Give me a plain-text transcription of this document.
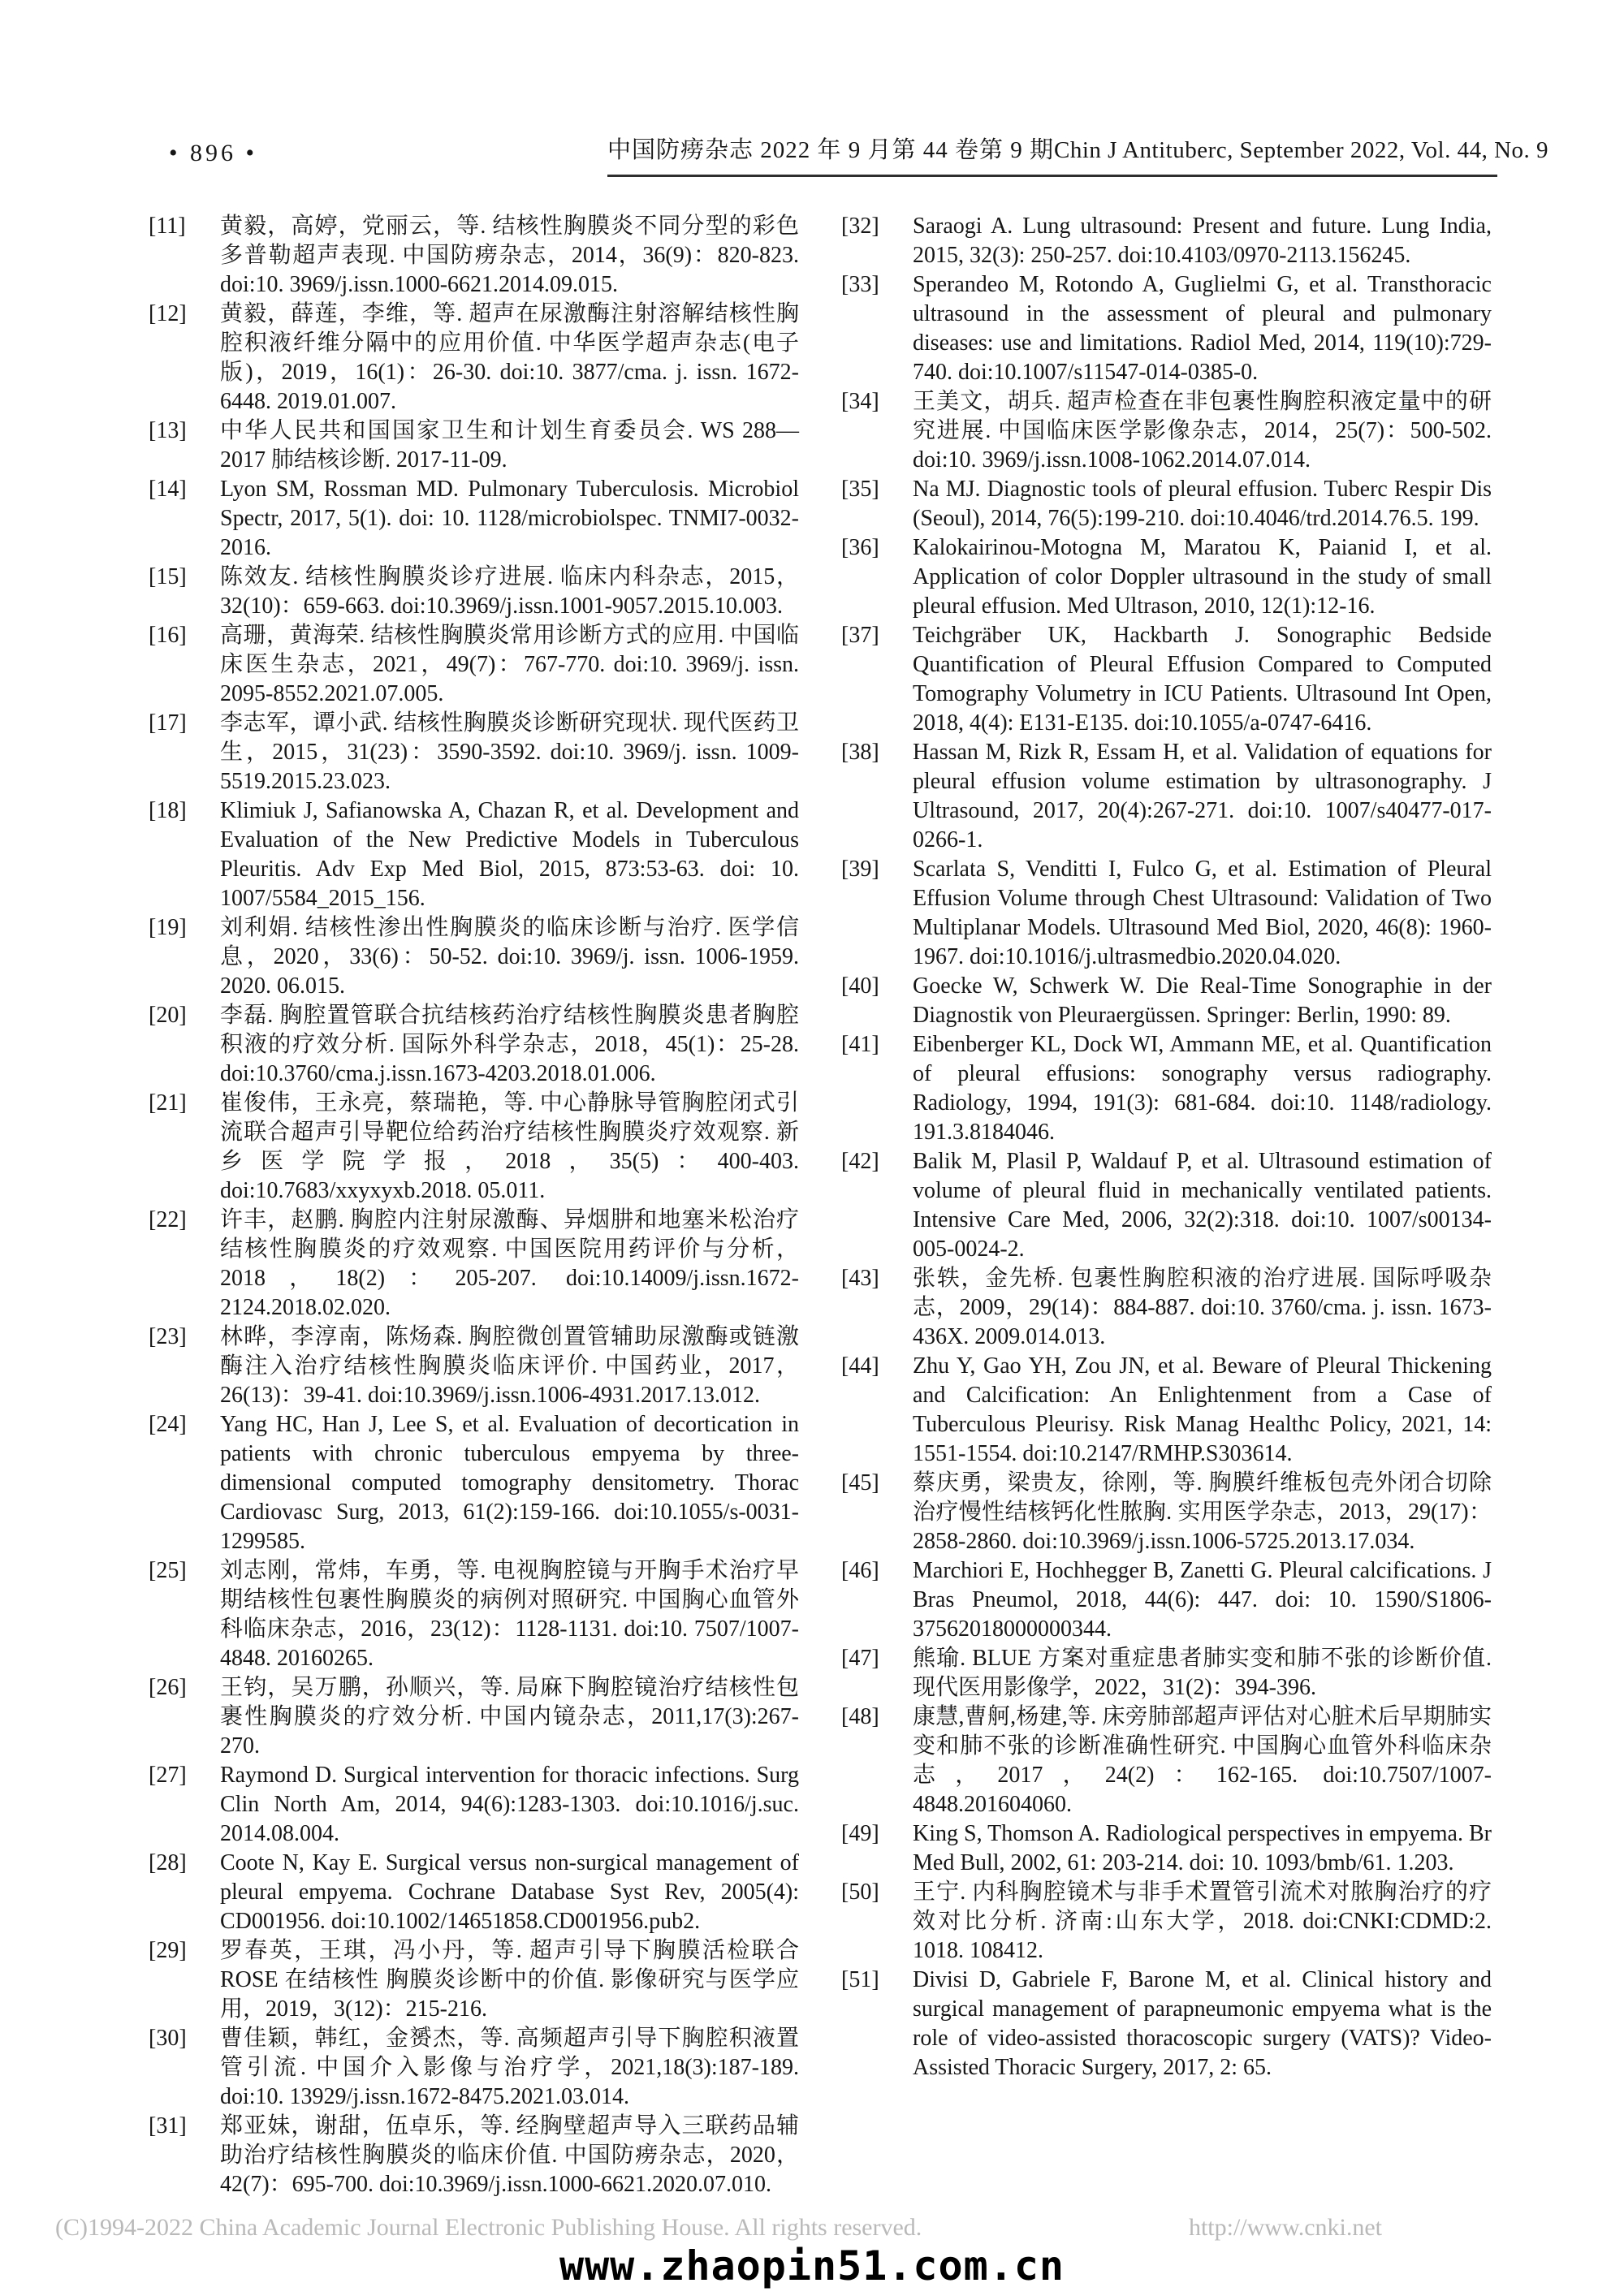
• 896 •	中国防痨杂志 2022 年 9 月第 44 卷第 9 期 Chin J Antituberc, September 2022, Vol. 44, No. 9
[11] 黄毅，高婷，党丽云，等. 结核性胸膜炎不同分型的彩色多普勒超声表现. 中国防痨杂志，2014，36(9)：820-823. doi:10. 3969/j.issn.1000-6621.2014.09.015.
[12] 黄毅，薛莲，李维，等. 超声在尿激酶注射溶解结核性胸腔积液纤维分隔中的应用价值. 中华医学超声杂志(电子版)，2019，16(1)：26-30. doi:10. 3877/cma. j. issn. 1672-6448. 2019.01.007.
[13] 中华人民共和国国家卫生和计划生育委员会. WS 288—2017 肺结核诊断. 2017-11-09.
[14] Lyon SM, Rossman MD. Pulmonary Tuberculosis. Microbiol Spectr, 2017, 5(1). doi: 10. 1128/microbiolspec. TNMI7-0032-2016.
[15] 陈效友. 结核性胸膜炎诊疗进展. 临床内科杂志，2015，32(10)：659-663. doi:10.3969/j.issn.1001-9057.2015.10.003.
[16] 高珊，黄海荣. 结核性胸膜炎常用诊断方式的应用. 中国临床医生杂志，2021，49(7)：767-770. doi:10. 3969/j. issn. 2095-8552.2021.07.005.
[17] 李志军，谭小武. 结核性胸膜炎诊断研究现状. 现代医药卫生，2015，31(23)：3590-3592. doi:10. 3969/j. issn. 1009-5519.2015.23.023.
[18] Klimiuk J, Safianowska A, Chazan R, et al. Development and Evaluation of the New Predictive Models in Tuberculous Pleuritis. Adv Exp Med Biol, 2015, 873:53-63. doi: 10. 1007/5584_2015_156.
[19] 刘利娟. 结核性渗出性胸膜炎的临床诊断与治疗. 医学信息，2020，33(6)：50-52. doi:10. 3969/j. issn. 1006-1959. 2020. 06.015.
[20] 李磊. 胸腔置管联合抗结核药治疗结核性胸膜炎患者胸腔积液的疗效分析. 国际外科学杂志，2018，45(1)：25-28. doi:10.3760/cma.j.issn.1673-4203.2018.01.006.
[21] 崔俊伟，王永亮，蔡瑞艳，等. 中心静脉导管胸腔闭式引流联合超声引导靶位给药治疗结核性胸膜炎疗效观察. 新乡医学院学报，2018，35(5)：400-403. doi:10.7683/xxyxyxb.2018. 05.011.
[22] 许丰，赵鹏. 胸腔内注射尿激酶、异烟肼和地塞米松治疗结核性胸膜炎的疗效观察. 中国医院用药评价与分析，2018，18(2)：205-207. doi:10.14009/j.issn.1672-2124.2018.02.020.
[23] 林晔，李淳南，陈炀森. 胸腔微创置管辅助尿激酶或链激酶注入治疗结核性胸膜炎临床评价. 中国药业，2017，26(13)：39-41. doi:10.3969/j.issn.1006-4931.2017.13.012.
[24] Yang HC, Han J, Lee S, et al. Evaluation of decortication in patients with chronic tuberculous empyema by three-dimensional computed tomography densitometry. Thorac Cardiovasc Surg, 2013, 61(2):159-166. doi:10.1055/s-0031-1299585.
[25] 刘志刚，常炜，车勇，等. 电视胸腔镜与开胸手术治疗早期结核性包裹性胸膜炎的病例对照研究. 中国胸心血管外科临床杂志，2016，23(12)：1128-1131. doi:10. 7507/1007-4848. 20160265.
[26] 王钧，吴万鹏，孙顺兴，等. 局麻下胸腔镜治疗结核性包裹性胸膜炎的疗效分析. 中国内镜杂志，2011,17(3):267-270.
[27] Raymond D. Surgical intervention for thoracic infections. Surg Clin North Am, 2014, 94(6):1283-1303. doi:10.1016/j.suc. 2014.08.004.
[28] Coote N, Kay E. Surgical versus non-surgical management of pleural empyema. Cochrane Database Syst Rev, 2005(4): CD001956. doi:10.1002/14651858.CD001956.pub2.
[29] 罗春英，王琪，冯小丹，等. 超声引导下胸膜活检联合 ROSE 在结核性 胸膜炎诊断中的价值. 影像研究与医学应用，2019，3(12)：215-216.
[30] 曹佳颖，韩红，金赟杰，等. 高频超声引导下胸腔积液置管引流. 中国介入影像与治疗学，2021,18(3):187-189. doi:10. 13929/j.issn.1672-8475.2021.03.014.
[31] 郑亚妹，谢甜，伍卓乐，等. 经胸壁超声导入三联药品辅助治疗结核性胸膜炎的临床价值. 中国防痨杂志，2020，42(7)：695-700. doi:10.3969/j.issn.1000-6621.2020.07.010.
[32] Saraogi A. Lung ultrasound: Present and future. Lung India, 2015, 32(3): 250-257. doi:10.4103/0970-2113.156245.
[33] Sperandeo M, Rotondo A, Guglielmi G, et al. Transthoracic ultrasound in the assessment of pleural and pulmonary diseases: use and limitations. Radiol Med, 2014, 119(10):729-740. doi:10.1007/s11547-014-0385-0.
[34] 王美文，胡兵. 超声检查在非包裹性胸腔积液定量中的研究进展. 中国临床医学影像杂志，2014，25(7)：500-502. doi:10. 3969/j.issn.1008-1062.2014.07.014.
[35] Na MJ. Diagnostic tools of pleural effusion. Tuberc Respir Dis (Seoul), 2014, 76(5):199-210. doi:10.4046/trd.2014.76.5. 199.
[36] Kalokairinou-Motogna M, Maratou K, Paianid I, et al. Application of color Doppler ultrasound in the study of small pleural effusion. Med Ultrason, 2010, 12(1):12-16.
[37] Teichgräber UK, Hackbarth J. Sonographic Bedside Quantification of Pleural Effusion Compared to Computed Tomography Volumetry in ICU Patients. Ultrasound Int Open, 2018, 4(4): E131-E135. doi:10.1055/a-0747-6416.
[38] Hassan M, Rizk R, Essam H, et al. Validation of equations for pleural effusion volume estimation by ultrasonography. J Ultrasound, 2017, 20(4):267-271. doi:10. 1007/s40477-017-0266-1.
[39] Scarlata S, Venditti I, Fulco G, et al. Estimation of Pleural Effusion Volume through Chest Ultrasound: Validation of Two Multiplanar Models. Ultrasound Med Biol, 2020, 46(8): 1960-1967. doi:10.1016/j.ultrasmedbio.2020.04.020.
[40] Goecke W, Schwerk W. Die Real-Time Sonographie in der Diagnostik von Pleuraergüssen. Springer: Berlin, 1990: 89.
[41] Eibenberger KL, Dock WI, Ammann ME, et al. Quantification of pleural effusions: sonography versus radiography. Radiology, 1994, 191(3): 681-684. doi:10. 1148/radiology. 191.3.8184046.
[42] Balik M, Plasil P, Waldauf P, et al. Ultrasound estimation of volume of pleural fluid in mechanically ventilated patients. Intensive Care Med, 2006, 32(2):318. doi:10. 1007/s00134-005-0024-2.
[43] 张轶，金先桥. 包裹性胸腔积液的治疗进展. 国际呼吸杂志，2009，29(14)：884-887. doi:10. 3760/cma. j. issn. 1673-436X. 2009.014.013.
[44] Zhu Y, Gao YH, Zou JN, et al. Beware of Pleural Thickening and Calcification: An Enlightenment from a Case of Tuberculous Pleurisy. Risk Manag Healthc Policy, 2021, 14: 1551-1554. doi:10.2147/RMHP.S303614.
[45] 蔡庆勇，梁贵友，徐刚，等. 胸膜纤维板包壳外闭合切除治疗慢性结核钙化性脓胸. 实用医学杂志，2013，29(17)：2858-2860. doi:10.3969/j.issn.1006-5725.2013.17.034.
[46] Marchiori E, Hochhegger B, Zanetti G. Pleural calcifications. J Bras Pneumol, 2018, 44(6): 447. doi: 10. 1590/S1806-37562018000000344.
[47] 熊瑜. BLUE 方案对重症患者肺实变和肺不张的诊断价值. 现代医用影像学，2022，31(2)：394-396.
[48] 康慧,曹舸,杨建,等. 床旁肺部超声评估对心脏术后早期肺实变和肺不张的诊断准确性研究. 中国胸心血管外科临床杂志，2017，24(2)：162-165. doi:10.7507/1007-4848.201604060.
[49] King S, Thomson A. Radiological perspectives in empyema. Br Med Bull, 2002, 61: 203-214. doi: 10. 1093/bmb/61. 1.203.
[50] 王宁. 内科胸腔镜术与非手术置管引流术对脓胸治疗的疗效对比分析. 济南:山东大学，2018. doi:CNKI:CDMD:2. 1018. 108412.
[51] Divisi D, Gabriele F, Barone M, et al. Clinical history and surgical management of parapneumonic empyema what is the role of video-assisted thoracoscopic surgery (VATS)? Video-Assisted Thoracic Surgery, 2017, 2: 65.
(C)1994-2022 China Academic Journal Electronic Publishing House. All rights reserved.	http://www.cnki.net
www.zhaopin51.com.cn
